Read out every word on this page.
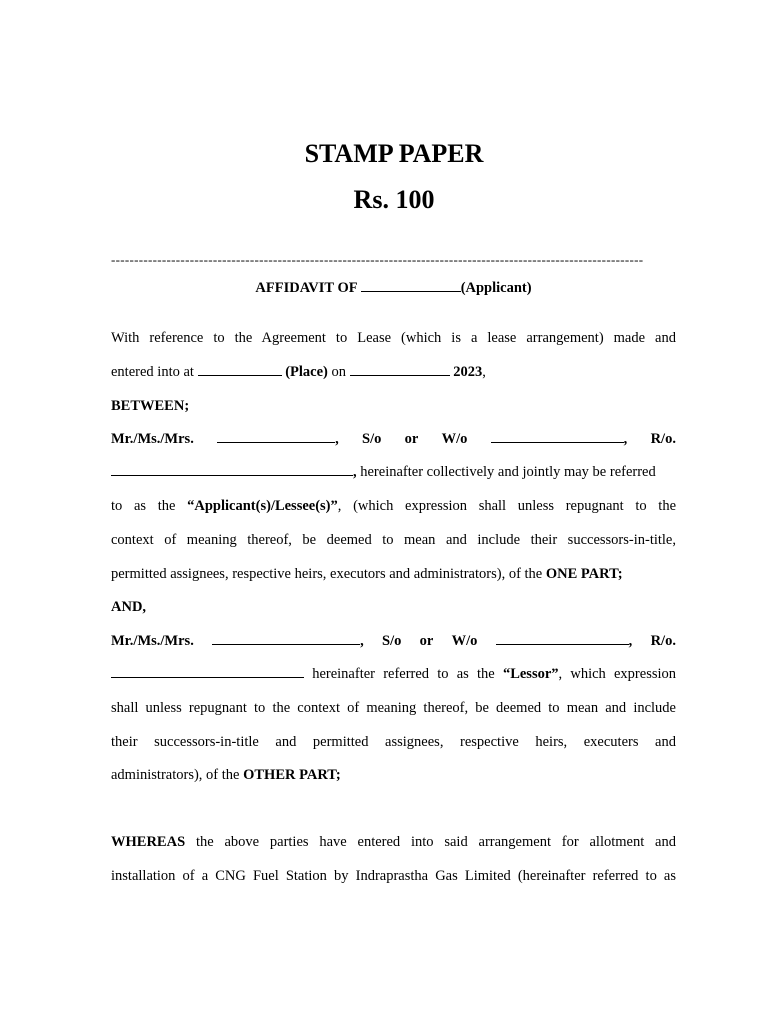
STAMP PAPER
Rs. 100
-------------------------------------------------------------------------------------------------------------------
AFFIDAVIT OF	(Applicant)
With reference to the Agreement to Lease (which is a lease arrangement) made and
entered into at	(Place) on	2023,
BETWEEN;
Mr./Ms./Mrs.	, S/o or W/o	, R/o.
, hereinafter collectively and jointly may be referred
to as the “Applicant(s)/Lessee(s)”, (which expression shall unless repugnant to the
context of meaning thereof, be deemed to mean and include their successors-in-title,
permitted assignees, respective heirs, executors and administrators), of the ONE PART;
AND,
Mr./Ms./Mrs.	, S/o or W/o	, R/o.
hereinafter referred to as the “Lessor”, which expression
shall unless repugnant to the context of meaning thereof, be deemed to mean and include
their successors-in-title and permitted assignees, respective heirs, executers and
administrators), of the OTHER PART;
WHEREAS the above parties have entered into said arrangement for allotment and
installation of a CNG Fuel Station by Indraprastha Gas Limited (hereinafter referred to as
